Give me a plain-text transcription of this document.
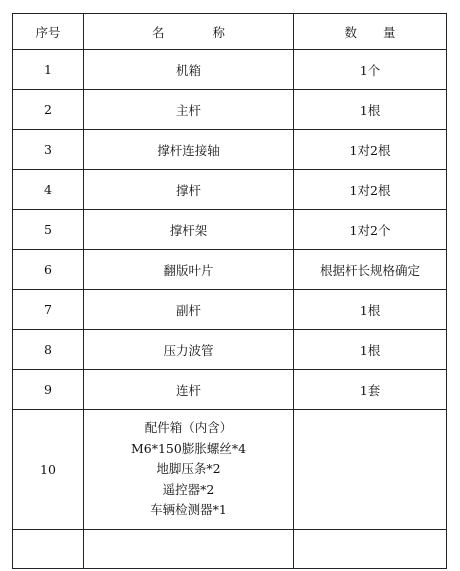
序号	名 称	数 量
1	机箱	1个
2	主杆	1根
3	撑杆连接轴	1对2根
4	撑杆	1对2根
5	撑杆架	1对2个
6	翻版叶片	根据杆长规格确定
7	副杆	1根
8	压力波管	1根
9	连杆	1套
10	配件箱（内含）
M6*150膨胀螺丝*4
地脚压条*2
遥控器*2
车辆检测器*1	
